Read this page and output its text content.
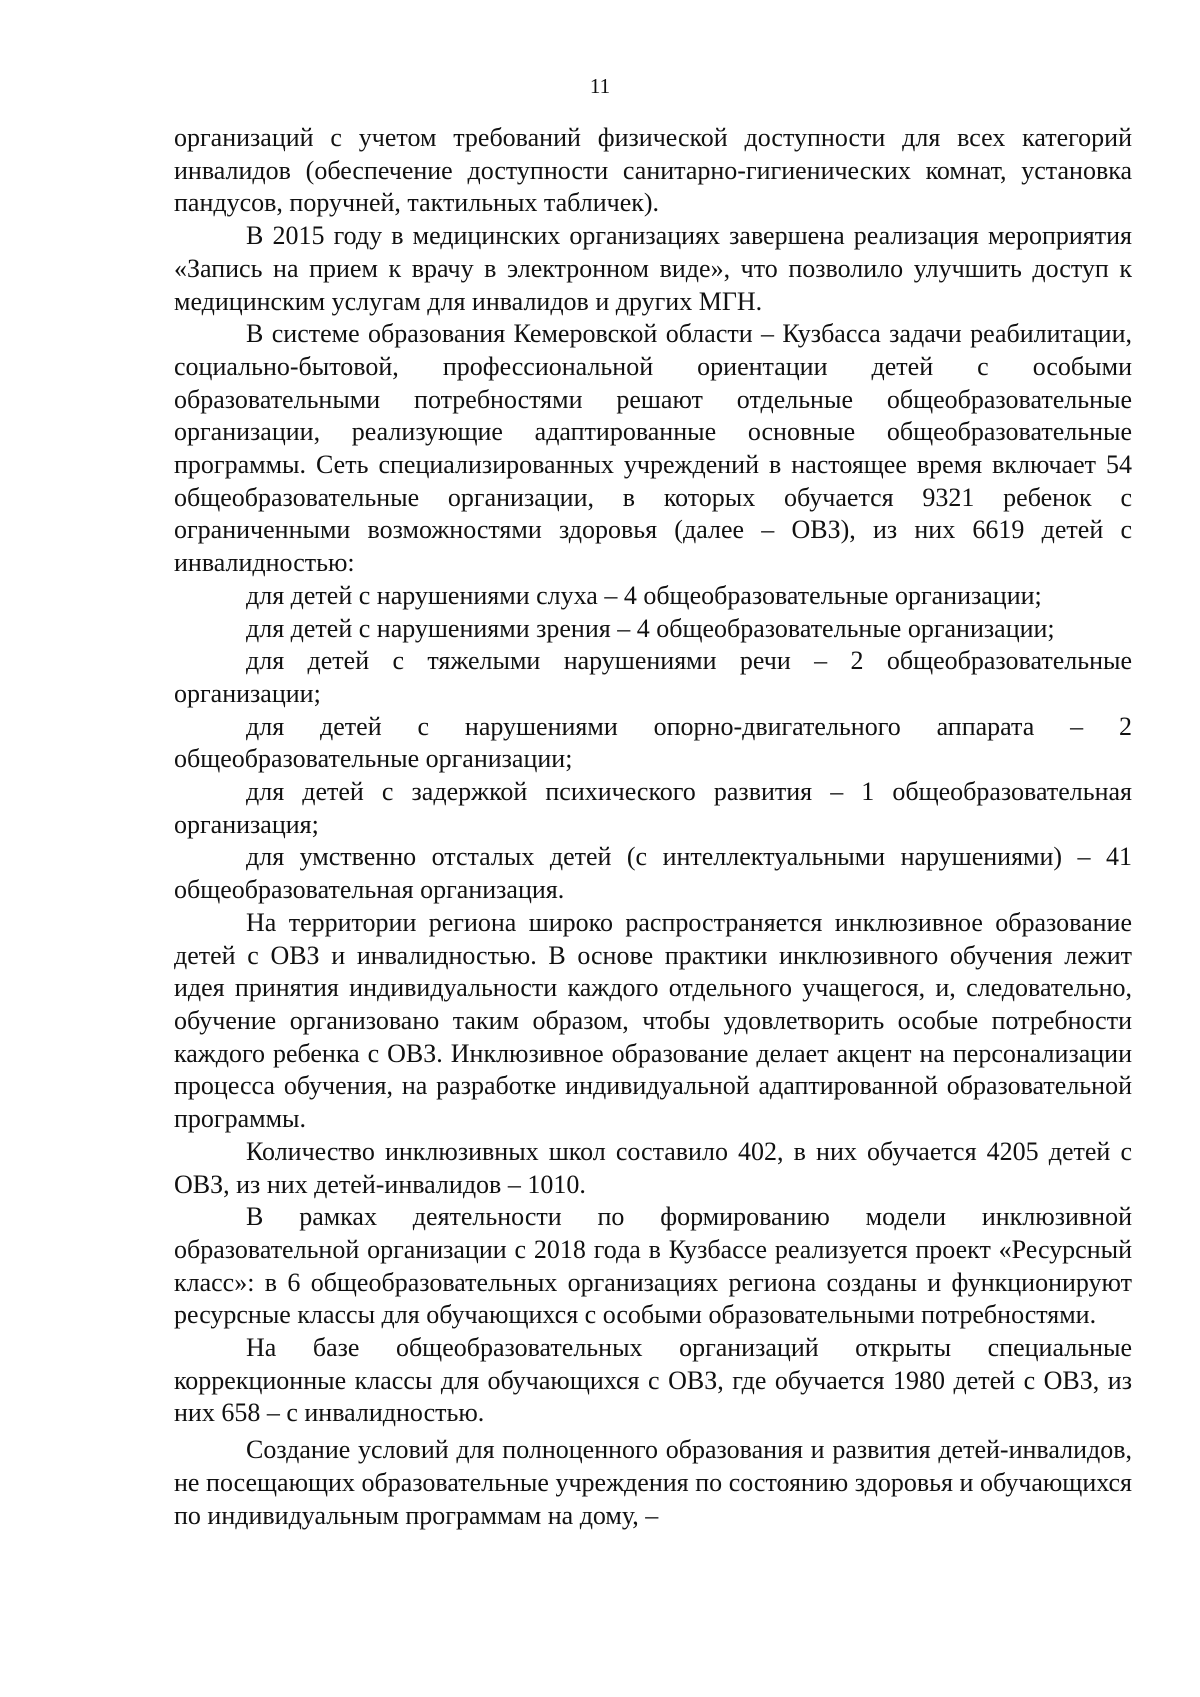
11

организаций с учетом требований физической доступности для всех категорий инвалидов (обеспечение доступности санитарно-гигиенических комнат, установка пандусов, поручней, тактильных табличек).

В 2015 году в медицинских организациях завершена реализация мероприятия «Запись на прием к врачу в электронном виде», что позволило улучшить доступ к медицинским услугам для инвалидов и других МГН.

В системе образования Кемеровской области – Кузбасса задачи реабилитации, социально-бытовой, профессиональной ориентации детей с особыми образовательными потребностями решают отдельные общеобразовательные организации, реализующие адаптированные основные общеобразовательные программы. Сеть специализированных учреждений в настоящее время включает 54 общеобразовательные организации, в которых обучается 9321 ребенок с ограниченными возможностями здоровья (далее – ОВЗ), из них 6619 детей с инвалидностью:

для детей с нарушениями слуха – 4 общеобразовательные организации;

для детей с нарушениями зрения – 4 общеобразовательные организации;

для детей с тяжелыми нарушениями речи – 2 общеобразовательные организации;

для детей с нарушениями опорно-двигательного аппарата – 2 общеобразовательные организации;

для детей с задержкой психического развития – 1 общеобразовательная организация;

для умственно отсталых детей (с интеллектуальными нарушениями) – 41 общеобразовательная организация.

На территории региона широко распространяется инклюзивное образование детей с ОВЗ и инвалидностью. В основе практики инклюзивного обучения лежит идея принятия индивидуальности каждого отдельного учащегося, и, следовательно, обучение организовано таким образом, чтобы удовлетворить особые потребности каждого ребенка с ОВЗ. Инклюзивное образование делает акцент на персонализации процесса обучения, на разработке индивидуальной адаптированной образовательной программы.

Количество инклюзивных школ составило 402, в них обучается 4205 детей с ОВЗ, из них детей-инвалидов – 1010.

В рамках деятельности по формированию модели инклюзивной образовательной организации с 2018 года в Кузбассе реализуется проект «Ресурсный класс»: в 6 общеобразовательных организациях региона созданы и функционируют ресурсные классы для обучающихся с особыми образовательными потребностями.

На базе общеобразовательных организаций открыты специальные коррекционные классы для обучающихся с ОВЗ, где обучается 1980 детей с ОВЗ, из них 658 – с инвалидностью.

Создание условий для полноценного образования и развития детей-инвалидов, не посещающих образовательные учреждения по состоянию здоровья и обучающихся по индивидуальным программам на дому, –
